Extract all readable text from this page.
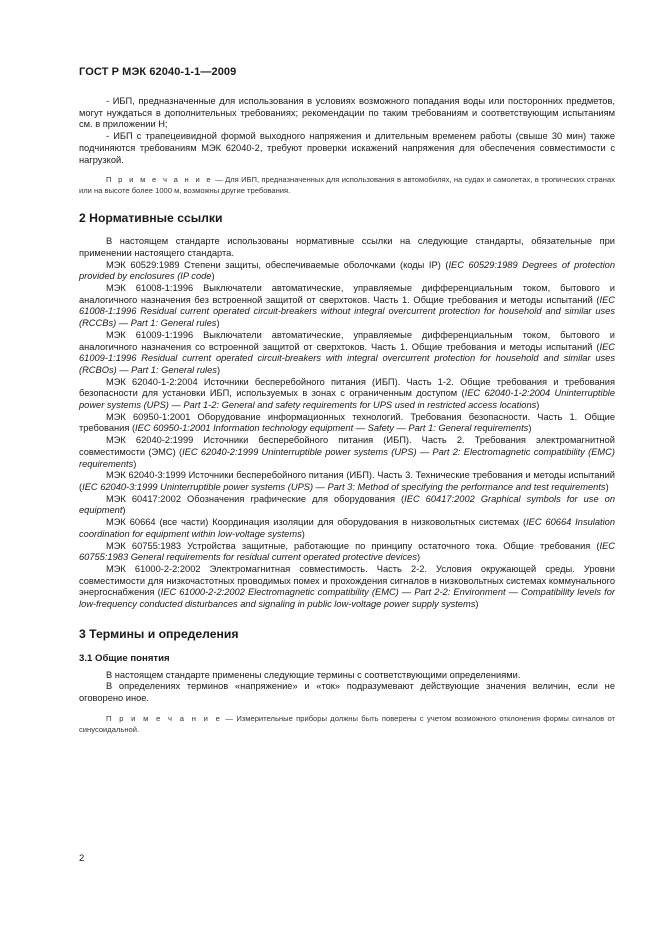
ГОСТ Р МЭК 62040-1-1—2009

- ИБП, предназначенные для использования в условиях возможного попадания воды или посторонних предметов, могут нуждаться в дополнительных требованиях; рекомендации по таким требованиям и соответствующим испытаниям см. в приложении Н;

- ИБП с трапецеивидной формой выходного напряжения и длительным временем работы (свыше 30 мин) также подчиняются требованиям МЭК 62040-2, требуют проверки искажений напряжения для обеспечения совместимости с нагрузкой.

П р и м е ч а н и е — Для ИБП, предназначенных для использования в автомобилях, на судах и самолетах, в тропических странах или на высоте более 1000 м, возможны другие требования.

2 Нормативные ссылки

В настоящем стандарте использованы нормативные ссылки на следующие стандарты, обязательные при применении настоящего стандарта.

МЭК 60529:1989 Степени защиты, обеспечиваемые оболочками (коды IP) (IEC 60529:1989 Degrees of protection provided by enclosures (IP code)

МЭК 61008-1:1996 Выключатели автоматические, управляемые дифференциальным током, бытового и аналогичного назначения без встроенной защитой от сверхтоков. Часть 1. Общие требования и методы испытаний (IEC 61008-1:1996 Residual current operated circuit-breakers without integral overcurrent protection for household and similar uses (RCCBs) — Part 1: General rules)

МЭК 61009-1:1996 Выключатели автоматические, управляемые дифференциальным током, бытового и аналогичного назначения со встроенной защитой от сверхтоков. Часть 1. Общие требования и методы испытаний (IEC 61009-1:1996 Residual current operated circuit-breakers with integral overcurrent protection for household and similar uses (RCBOs) — Part 1: General rules)

МЭК 62040-1-2:2004 Источники бесперебойного питания (ИБП). Часть 1-2. Общие требования и требования безопасности для установки ИБП, используемых в зонах с ограниченным доступом (IEC 62040-1-2:2004 Uninterruptible power systems (UPS) — Part 1-2: General and safety requirements for UPS used in restricted access locations)

МЭК 60950-1:2001 Оборудование информационных технологий. Требования безопасности. Часть 1. Общие требования (IEC 60950-1:2001 Information technology equipment — Safety — Part 1: General requirements)

МЭК 62040-2:1999 Источники бесперебойного питания (ИБП). Часть 2. Требования электромагнитной совместимости (ЭМС) (IEC 62040-2:1999 Uninterruptible power systems (UPS) — Part 2: Electromagnetic compatibility (EMC) requirements)

МЭК 62040-3:1999 Источники бесперебойного питания (ИБП). Часть 3. Технические требования и методы испытаний (IEC 62040-3:1999 Uninterruptible power systems (UPS) — Part 3: Method of specifying the performance and test requirements)

МЭК 60417:2002 Обозначения графические для оборудования (IEC 60417:2002 Graphical symbols for use on equipment)

МЭК 60664 (все части) Координация изоляции для оборудования в низковольтных системах (IEC 60664 Insulation coordination for equipment within low-voltage systems)

МЭК 60755:1983 Устройства защитные, работающие по принципу остаточного тока. Общие требования (IEC 60755:1983 General requirements for residual current operated protective devices)

МЭК 61000-2-2:2002 Электромагнитная совместимость. Часть 2-2. Условия окружающей среды. Уровни совместимости для низкочастотных проводимых помех и прохождения сигналов в низковольтных системах коммунального энергоснабжения (IEC 61000-2-2:2002 Electromagnetic compatibility (EMC) — Part 2-2: Environment — Compatibility levels for low-frequency conducted disturbances and signaling in public low-voltage power supply systems)

3 Термины и определения
3.1 Общие понятия

В настоящем стандарте применены следующие термины с соответствующими определениями.

В определениях терминов «напряжение» и «ток» подразумевают действующие значения величин, если не оговорено иное.

П р и м е ч а н и е — Измерительные приборы должны быть поверены с учетом возможного отклонения формы сигналов от синусоидальной.

2
